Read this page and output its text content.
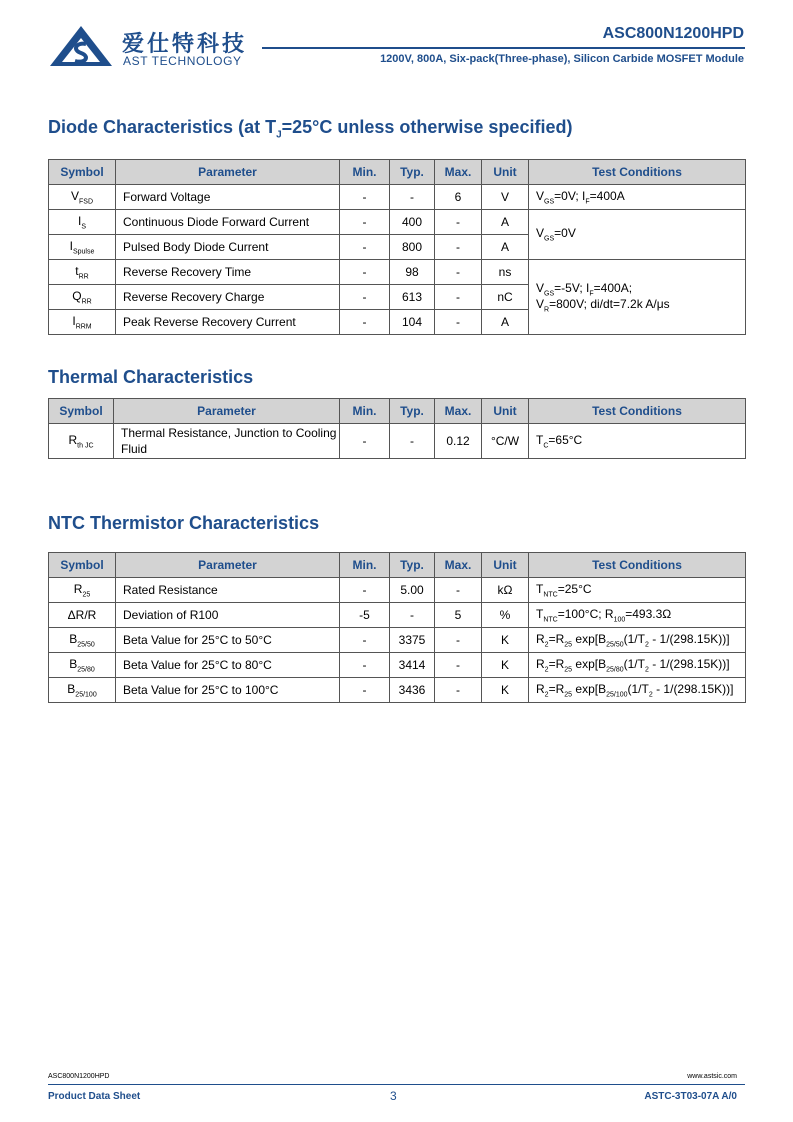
爱仕特科技
AST TECHNOLOGY
ASC800N1200HPD
1200V, 800A, Six-pack(Three-phase), Silicon Carbide MOSFET Module
Diode Characteristics (at $T_J=25^\circ C$ unless otherwise specified)
Symbol	Parameter	Min.	Typ.	Max.	Unit	Test Conditions
$V_{FSD}$	Forward Voltage	-	-	6	V	$V_{GS}=0V$; $I_F=400A$
$I_S$	Continuous Diode Forward Current	-	400	-	A	$V_{GS}=0V$
$I_{Spulse}$	Pulsed Body Diode Current	-	800	-	A	
$t_{RR}$	Reverse Recovery Time	-	98	-	ns	$V_{GS}=-5V$; $I_F=400A$;
$V_R=800V$; di/dt=7.2k A/μs
$Q_{RR}$	Reverse Recovery Charge	-	613	-	nC	
$I_{RRM}$	Peak Reverse Recovery Current	-	104	-	A	
Thermal Characteristics
Symbol	Parameter	Min.	Typ.	Max.	Unit	Test Conditions
$R_{th JC}$	Thermal Resistance, Junction to Cooling Fluid	-	-	0.12	°C/W	$T_C=65^\circ C$
NTC Thermistor Characteristics
Symbol	Parameter	Min.	Typ.	Max.	Unit	Test Conditions
$R_{25}$	Rated Resistance	-	5.00	-	kΩ	$T_{NTC}=25^\circ C$
ΔR/R	Deviation of R100	-5	-	5	%	$T_{NTC}=100^\circ C$; $R_{100}=493.3\Omega$
$B_{25/50}$	Beta Value for 25°C to 50°C	-	3375	-	K	$R_2=R_{25}$ $\exp[B_{25/50}(1/T_2 - 1/(298.15K))]$
$B_{25/80}$	Beta Value for 25°C to 80°C	-	3414	-	K	$R_2=R_{25}$ $\exp[B_{25/80}(1/T_2 - 1/(298.15K))]$
$B_{25/100}$	Beta Value for 25°C to 100°C	-	3436	-	K	$R_2=R_{25}$ $\exp[B_{25/100}(1/T_2 - 1/(298.15K))]$
ASC800N1200HPD	www.astsic.com
Product Data Sheet	3	ASTC-3T03-07A A/0
